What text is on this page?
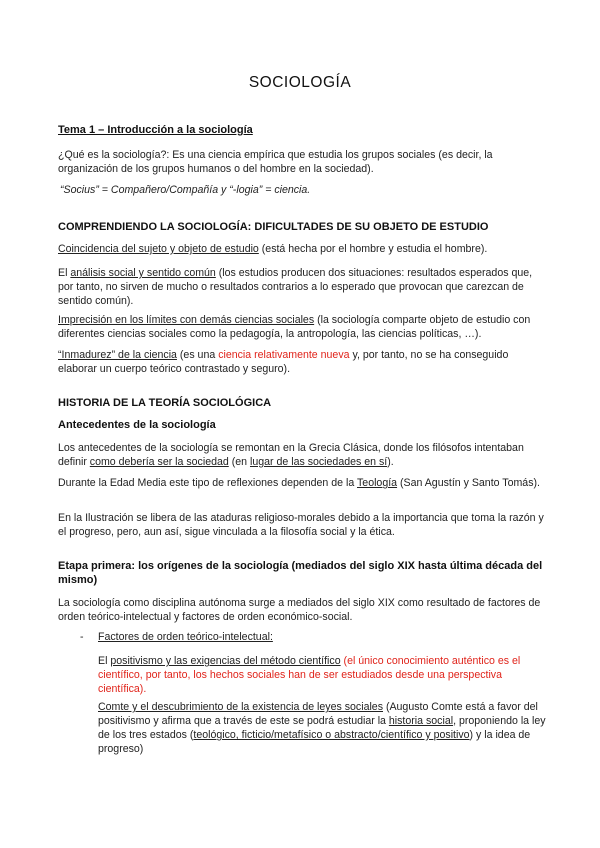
SOCIOLOGÍA

Tema 1 – Introducción a la sociología

¿Qué es la sociología?: Es una ciencia empírica que estudia los grupos sociales (es decir, la organización de los grupos humanos o del hombre en la sociedad).

“Socius” = Compañero/Compañía y “-logia” = ciencia.

COMPRENDIENDO LA SOCIOLOGÍA: DIFICULTADES DE SU OBJETO DE ESTUDIO

Coincidencia del sujeto y objeto de estudio (está hecha por el hombre y estudia el hombre).

El análisis social y sentido común (los estudios producen dos situaciones: resultados esperados que, por tanto, no sirven de mucho o resultados contrarios a lo esperado que provocan que carezcan de sentido común).

Imprecisión en los límites con demás ciencias sociales (la sociología comparte objeto de estudio con diferentes ciencias sociales como la pedagogía, la antropología, las ciencias políticas, …).

“Inmadurez” de la ciencia (es una ciencia relativamente nueva y, por tanto, no se ha conseguido elaborar un cuerpo teórico contrastado y seguro).

HISTORIA DE LA TEORÍA SOCIOLÓGICA

Antecedentes de la sociología

Los antecedentes de la sociología se remontan en la Grecia Clásica, donde los filósofos intentaban definir como debería ser la sociedad (en lugar de las sociedades en sí).

Durante la Edad Media este tipo de reflexiones dependen de la Teología (San Agustín y Santo Tomás).

En la Ilustración se libera de las ataduras religioso-morales debido a la importancia que toma la razón y el progreso, pero, aun así, sigue vinculada a la filosofía social y la ética.

Etapa primera: los orígenes de la sociología (mediados del siglo XIX hasta última década del mismo)

La sociología como disciplina autónoma surge a mediados del siglo XIX como resultado de factores de orden teórico-intelectual y factores de orden económico-social.

- Factores de orden teórico-intelectual:

El positivismo y las exigencias del método científico (el único conocimiento auténtico es el científico, por tanto, los hechos sociales han de ser estudiados desde una perspectiva científica).

Comte y el descubrimiento de la existencia de leyes sociales (Augusto Comte está a favor del positivismo y afirma que a través de este se podrá estudiar la historia social, proponiendo la ley de los tres estados (teológico, ficticio/metafísico o abstracto/científico y positivo) y la idea de progreso)
